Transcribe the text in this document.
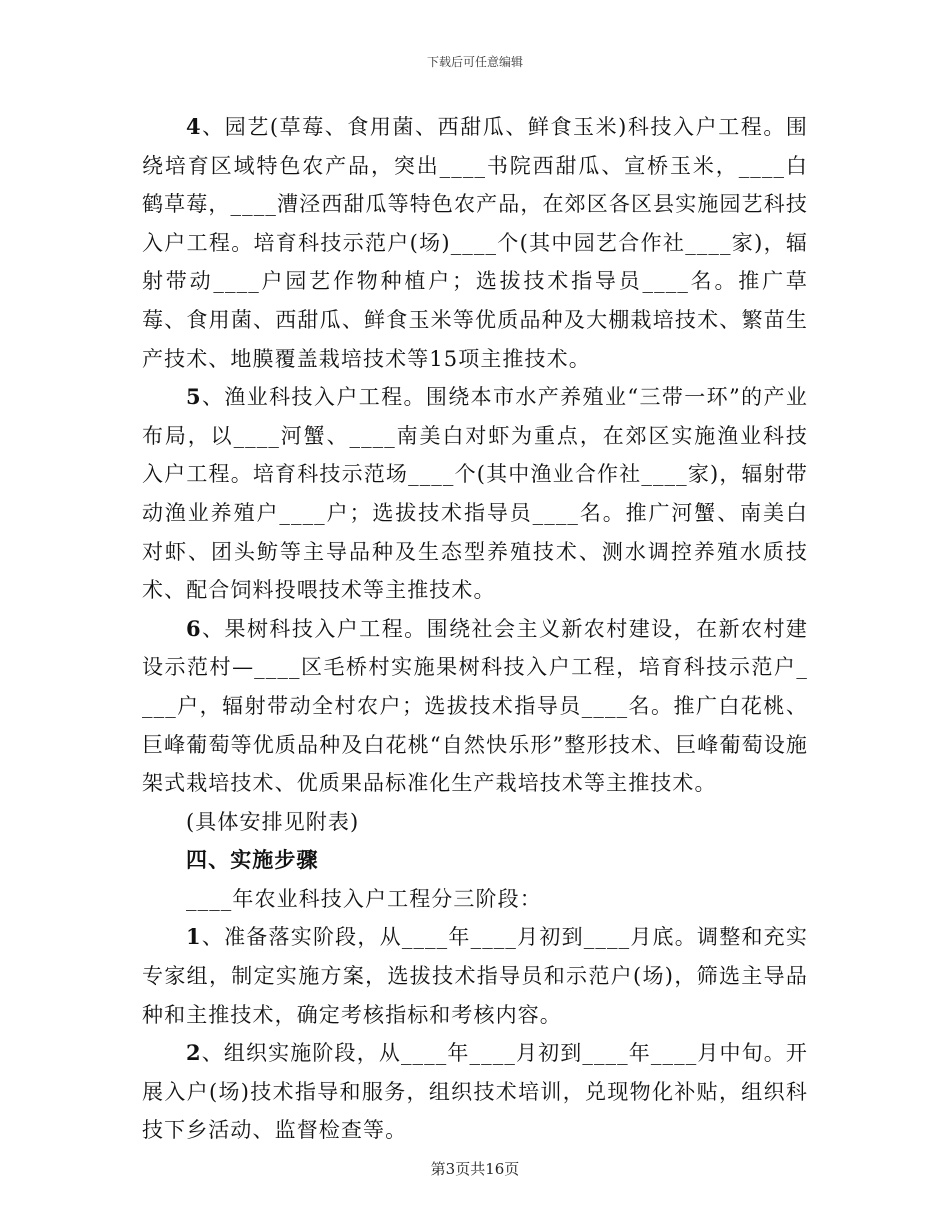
下载后可任意编辑

4、园艺(草莓、食用菌、西甜瓜、鲜食玉米)科技入户工程。围绕培育区域特色农产品，突出____书院西甜瓜、宣桥玉米，____白鹤草莓，____漕泾西甜瓜等特色农产品，在郊区各区县实施园艺科技入户工程。培育科技示范户(场)____个(其中园艺合作社____家)，辐射带动____户园艺作物种植户；选拔技术指导员____名。推广草莓、食用菌、西甜瓜、鲜食玉米等优质品种及大棚栽培技术、繁苗生产技术、地膜覆盖栽培技术等15项主推技术。

5、渔业科技入户工程。围绕本市水产养殖业“三带一环”的产业布局，以____河蟹、____南美白对虾为重点，在郊区实施渔业科技入户工程。培育科技示范场____个(其中渔业合作社____家)，辐射带动渔业养殖户____户；选拔技术指导员____名。推广河蟹、南美白对虾、团头鲂等主导品种及生态型养殖技术、测水调控养殖水质技术、配合饲料投喂技术等主推技术。

6、果树科技入户工程。围绕社会主义新农村建设，在新农村建设示范村—____区毛桥村实施果树科技入户工程，培育科技示范户____户，辐射带动全村农户；选拔技术指导员____名。推广白花桃、巨峰葡萄等优质品种及白花桃“自然快乐形”整形技术、巨峰葡萄设施架式栽培技术、优质果品标准化生产栽培技术等主推技术。

(具体安排见附表)

四、实施步骤

____年农业科技入户工程分三阶段：

1、准备落实阶段，从____年____月初到____月底。调整和充实专家组，制定实施方案，选拔技术指导员和示范户(场)，筛选主导品种和主推技术，确定考核指标和考核内容。

2、组织实施阶段，从____年____月初到____年____月中旬。开展入户(场)技术指导和服务，组织技术培训，兑现物化补贴，组织科技下乡活动、监督检查等。

第3页共16页
